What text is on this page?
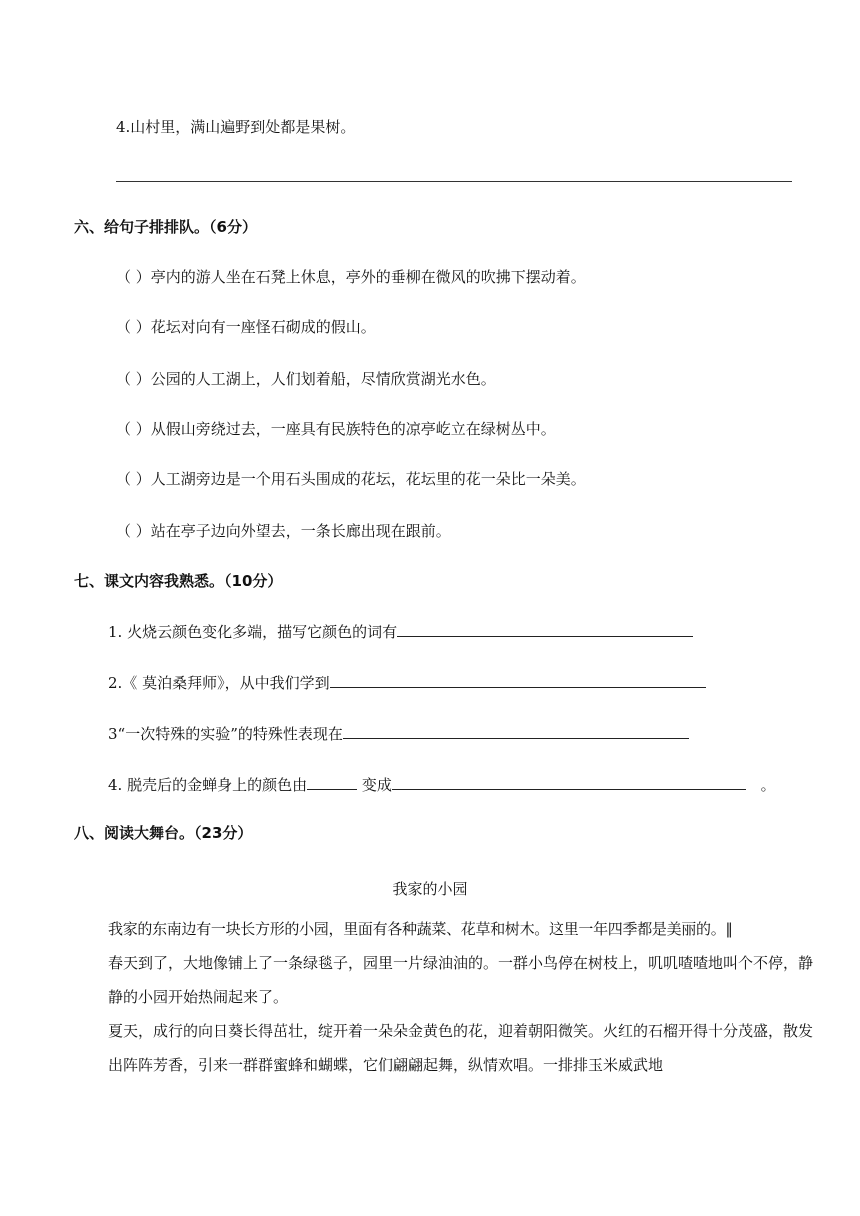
4.山村里，满山遍野到处都是果树。
六、给句子排排队。（6分）
（ ）亭内的游人坐在石凳上休息，亭外的垂柳在微风的吹拂下摆动着。
（ ）花坛对向有一座怪石砌成的假山。
（ ）公园的人工湖上，人们划着船，尽情欣赏湖光水色。
（ ）从假山旁绕过去，一座具有民族特色的凉亭屹立在绿树丛中。
（ ）人工湖旁边是一个用石头围成的花坛，花坛里的花一朵比一朵美。
（ ）站在亭子边向外望去，一条长廊出现在跟前。
七、课文内容我熟悉。（10分）
1. 火烧云颜色变化多端，描写它颜色的词有
2.《 莫泊桑拜师》，从中我们学到
3“一次特殊的实验”的特殊性表现在
4. 脱壳后的金蝉身上的颜色由	变成	。
八、阅读大舞台。（23分）
我家的小园
我家的东南边有一块长方形的小园，里面有各种蔬菜、花草和树木。这里一年四季都是美丽的。‖
春天到了，大地像铺上了一条绿毯子，园里一片绿油油的。一群小鸟停在树枝上，叽叽喳喳地叫个不停，静静的小园开始热闹起来了。
夏天，成行的向日葵长得茁壮，绽开着一朵朵金黄色的花，迎着朝阳微笑。火红的石榴开得十分茂盛，散发出阵阵芳香，引来一群群蜜蜂和蝴蝶，它们翩翩起舞，纵情欢唱。一排排玉米威武地
